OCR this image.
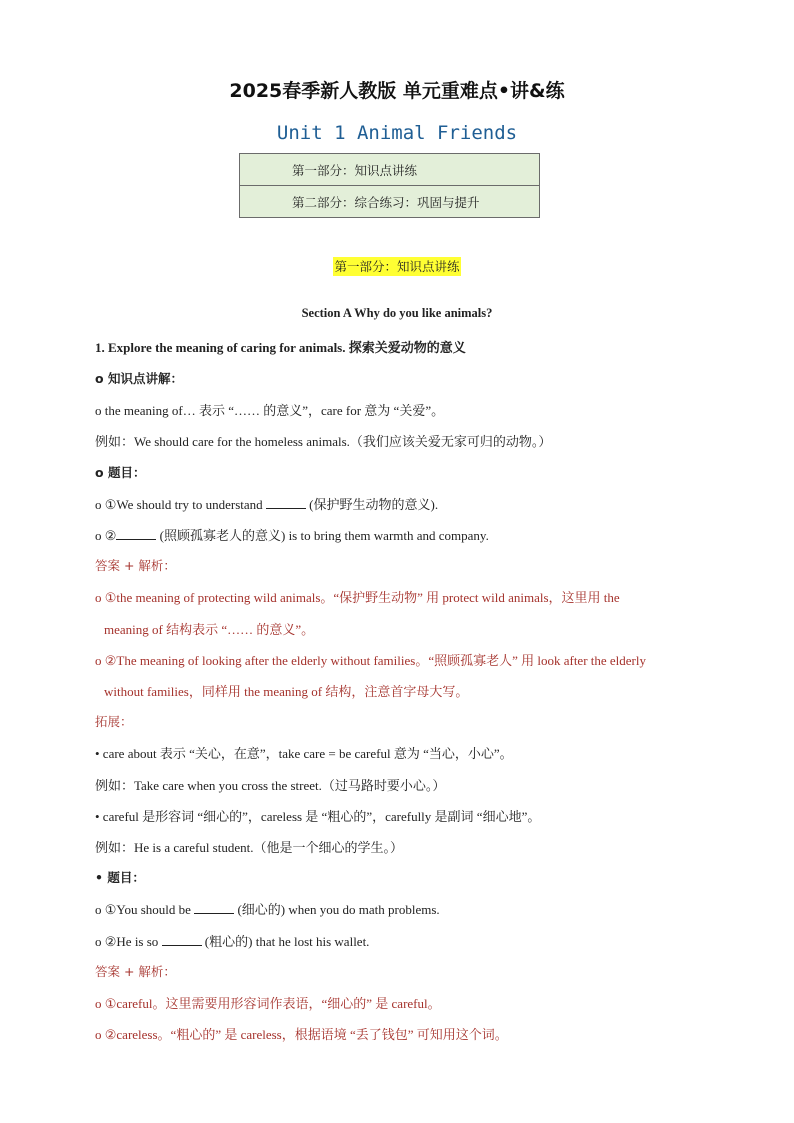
2025春季新人教版 单元重难点•讲&练
Unit 1 Animal Friends
第一部分：知识点讲练
第二部分：综合练习：巩固与提升
第一部分：知识点讲练
Section A Why do you like animals?
1. Explore the meaning of caring for animals. 探索关爱动物的意义
o 知识点讲解：
o the meaning of… 表示 “…… 的意义”，care for 意为 “关爱”。
例如：We should care for the homeless animals.（我们应该关爱无家可归的动物。）
o 题目：
o ①We should try to understand	(保护野生动物的意义).
o ②	(照顾孤寡老人的意义) is to bring them warmth and company.
答案 + 解析：
o ①the meaning of protecting wild animals。“保护野生动物” 用 protect wild animals，这里用 the
meaning of 结构表示 “…… 的意义”。
o ②The meaning of looking after the elderly without families。“照顾孤寡老人” 用 look after the elderly
without families，同样用 the meaning of 结构，注意首字母大写。
拓展：
• care about 表示 “关心，在意”，take care = be careful 意为 “当心，小心”。
例如：Take care when you cross the street.（过马路时要小心。）
• careful 是形容词 “细心的”，careless 是 “粗心的”，carefully 是副词 “细心地”。
例如：He is a careful student.（他是一个细心的学生。）
• 题目：
o ①You should be	(细心的) when you do math problems.
o ②He is so	(粗心的) that he lost his wallet.
答案 + 解析：
o ①careful。这里需要用形容词作表语，“细心的” 是 careful。
o ②careless。“粗心的” 是 careless，根据语境 “丢了钱包” 可知用这个词。
